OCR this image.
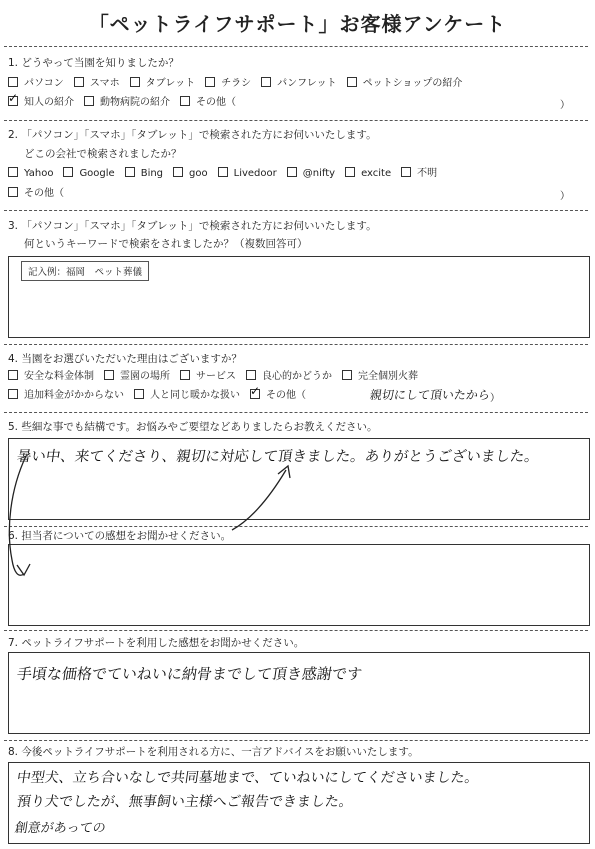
「ペットライフサポート」お客様アンケート
1. どうやって当園を知りましたか？
パソコン	スマホ	タブレット	チラシ	パンフレット	ペットショップの紹介
✓知人の紹介	動物病院の紹介	その他（	）
2. 「パソコン」「スマホ」「タブレット」で検索された方にお伺いいたします。
どこの会社で検索されましたか？
Yahoo	Google	Bing	goo	Livedoor	@nifty	excite	不明
その他（	）
3. 「パソコン」「スマホ」「タブレット」で検索された方にお伺いいたします。
何というキーワードで検索をされましたか？（複数回答可）
記入例：福岡　ペット葬儀
4. 当園をお選びいただいた理由はございますか？
安全な料金体制	霊園の場所	サービス	良心的かどうか	完全個別火葬
追加料金がかからない	人と同じ暖かな扱い✓	その他（	親切にして頂いたから ）
5. 些細な事でも結構です。お悩みやご要望などありましたらお教えください。
暑い中、来てくださり、親切に対応して頂きました。ありがとうございました。
6. 担当者についての感想をお聞かせください。
7. ペットライフサポートを利用した感想をお聞かせください。
手頃な価格でていねいに納骨までして頂き感謝です
8. 今後ペットライフサポートを利用される方に、一言アドバイスをお願いいたします。
中型犬、立ち合いなしで共同墓地まで、ていねいにしてくださいました。
預り犬でしたが、無事飼い主様へご報告できました。
創意があっての
